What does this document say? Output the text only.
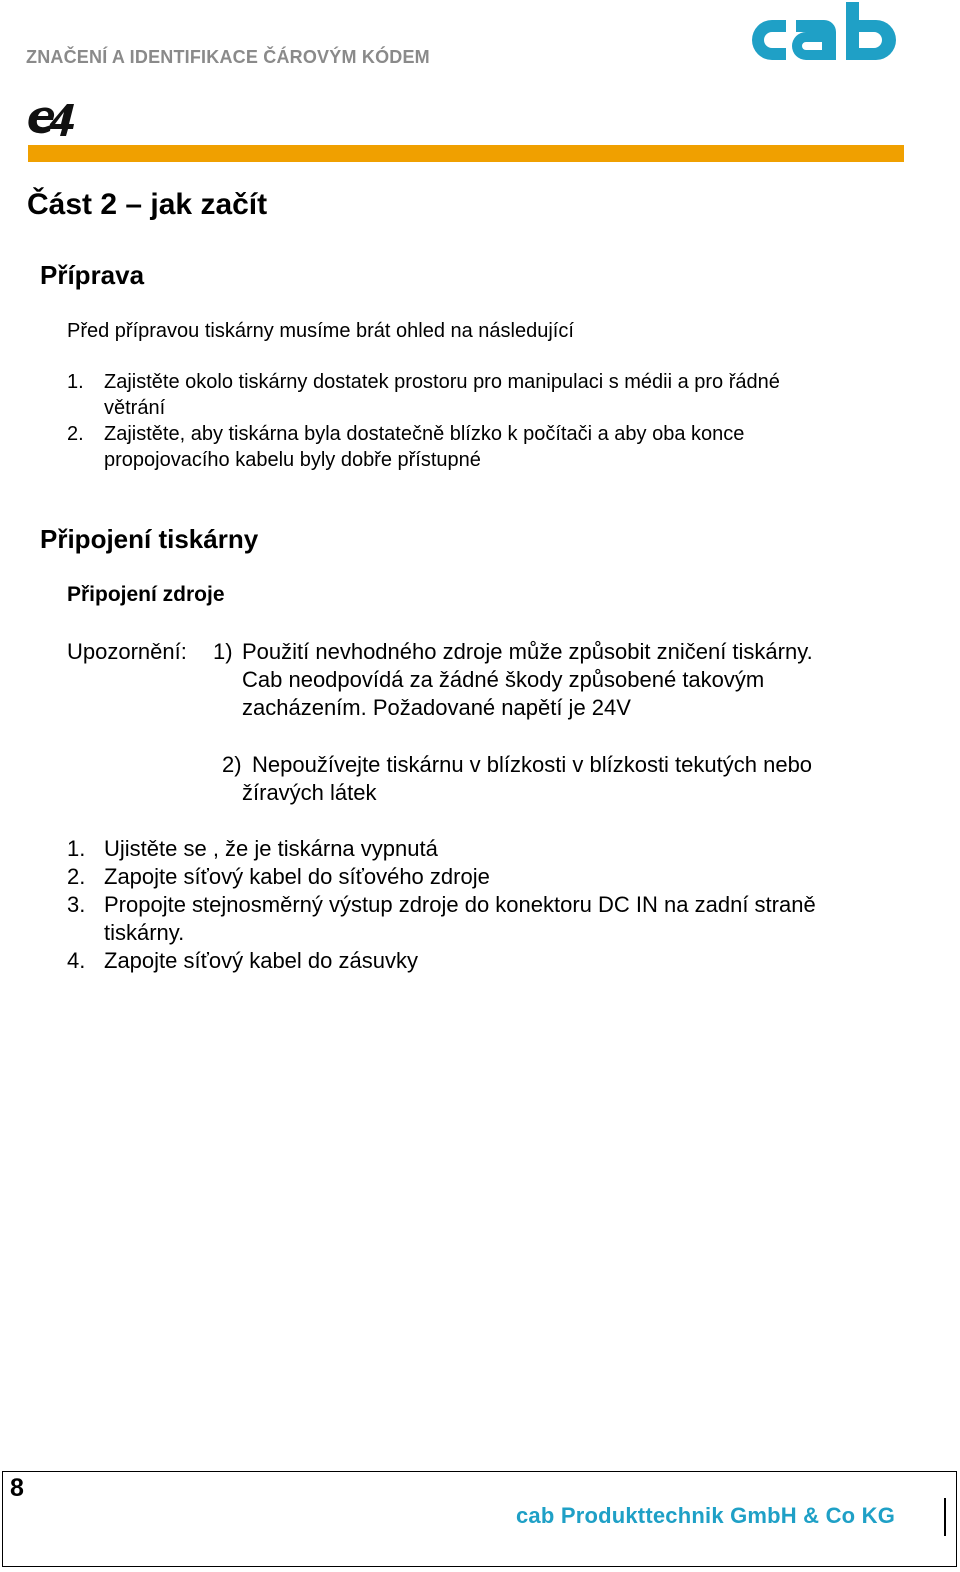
ZNAČENÍ A IDENTIFIKACE ČÁROVÝM KÓDEM
Část 2 – jak začít
Příprava
Před přípravou tiskárny musíme brát ohled na následující
1. Zajistěte okolo tiskárny dostatek prostoru pro manipulaci s médii a pro řádné
větrání
2. Zajistěte, aby tiskárna byla dostatečně blízko k počítači a aby oba konce
propojovacího kabelu byly dobře přístupné
Připojení tiskárny
Připojení zdroje
Upozornění: 1) Použití nevhodného zdroje může způsobit zničení tiskárny.
Cab neodpovídá za žádné škody způsobené takovým
zacházením. Požadované napětí je 24V
2) Nepoužívejte tiskárnu v blízkosti v blízkosti tekutých nebo
žíravých látek
1. Ujistěte se , že je tiskárna vypnutá
2. Zapojte síťový kabel do síťového zdroje
3. Propojte stejnosměrný výstup zdroje do konektoru DC IN na zadní straně
tiskárny.
4. Zapojte síťový kabel do zásuvky
8
cab Produkttechnik GmbH & Co KG
